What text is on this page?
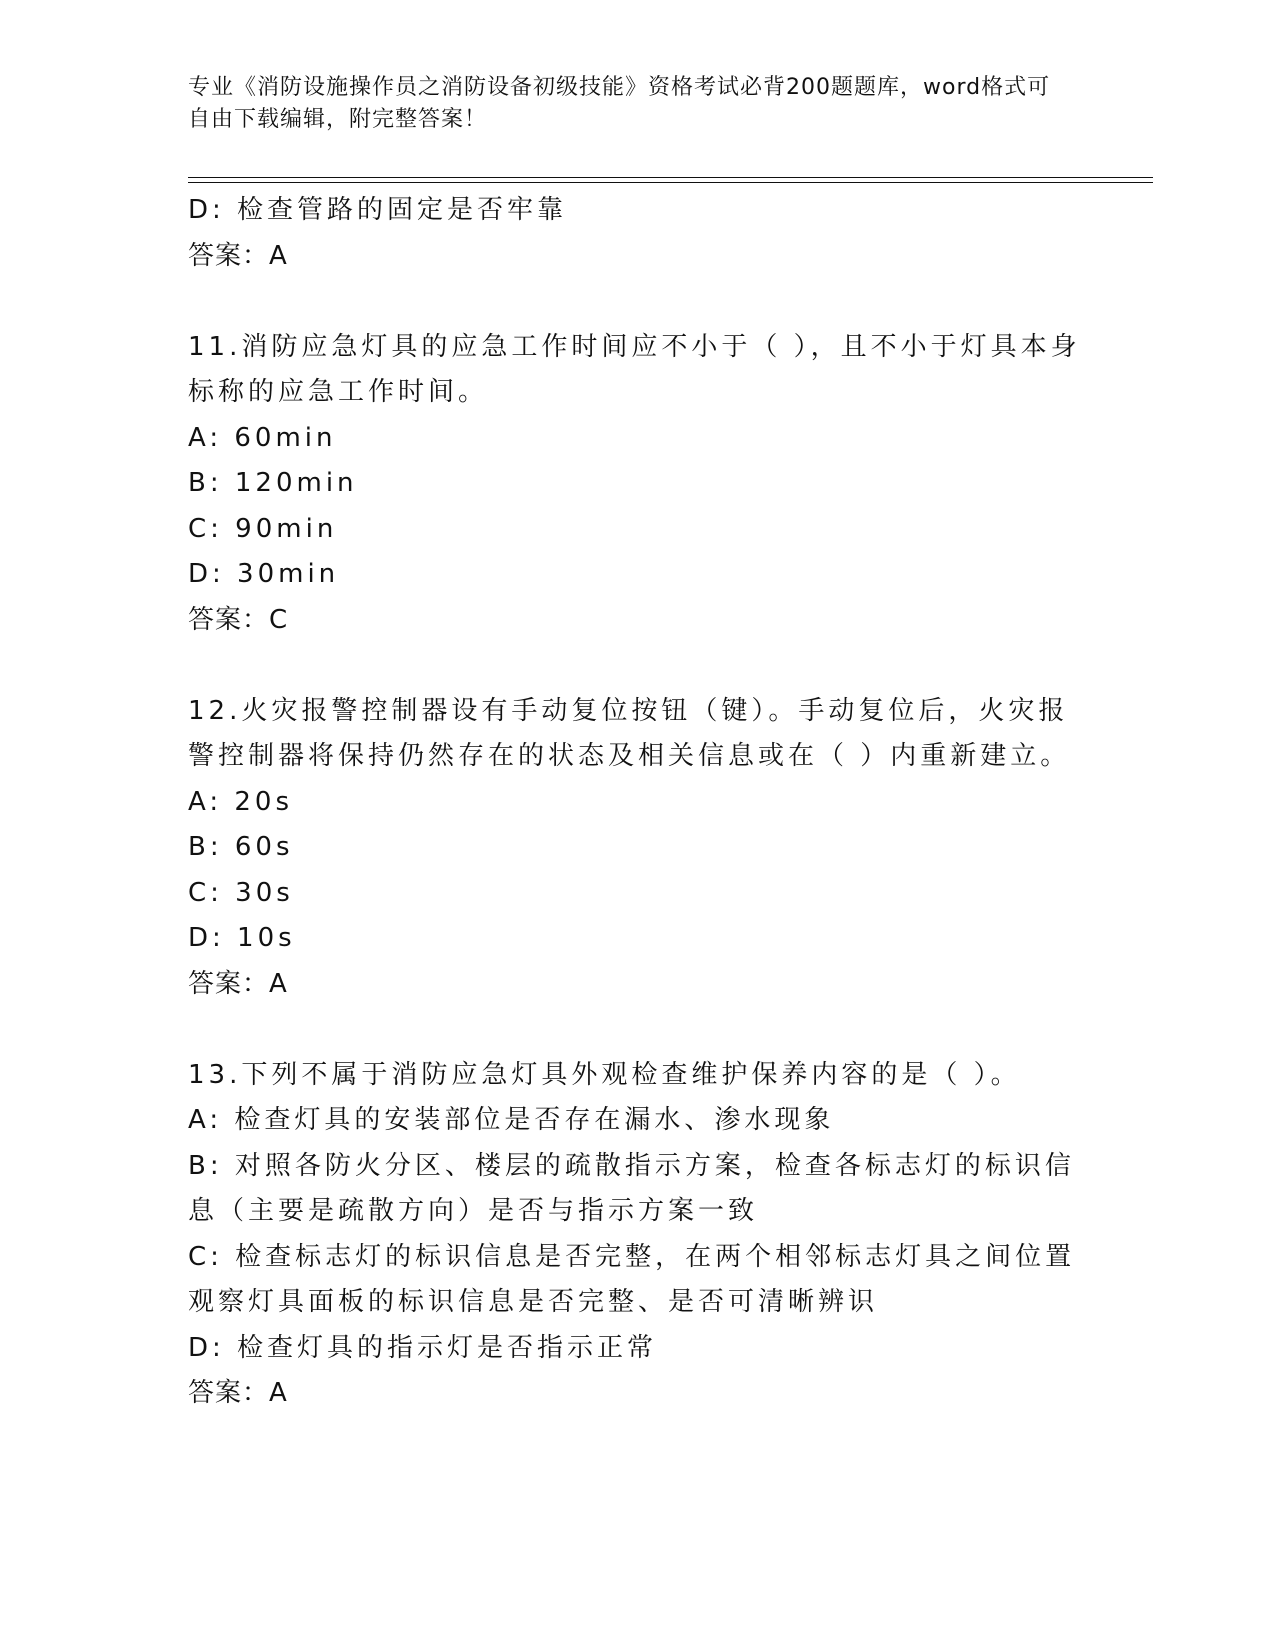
专业《消防设施操作员之消防设备初级技能》资格考试必背200题题库，word格式可自由下载编辑，附完整答案！
D: 检查管路的固定是否牢靠
答案：A
11.消防应急灯具的应急工作时间应不小于（ ），且不小于灯具本身标称的应急工作时间。
A: 60min
B: 120min
C: 90min
D: 30min
答案：C
12.火灾报警控制器设有手动复位按钮（键）。手动复位后，火灾报警控制器将保持仍然存在的状态及相关信息或在（ ）内重新建立。
A: 20s
B: 60s
C: 30s
D: 10s
答案：A
13.下列不属于消防应急灯具外观检查维护保养内容的是（ ）。
A: 检查灯具的安装部位是否存在漏水、渗水现象
B: 对照各防火分区、楼层的疏散指示方案，检查各标志灯的标识信息（主要是疏散方向）是否与指示方案一致
C: 检查标志灯的标识信息是否完整，在两个相邻标志灯具之间位置观察灯具面板的标识信息是否完整、是否可清晰辨识
D: 检查灯具的指示灯是否指示正常
答案：A
